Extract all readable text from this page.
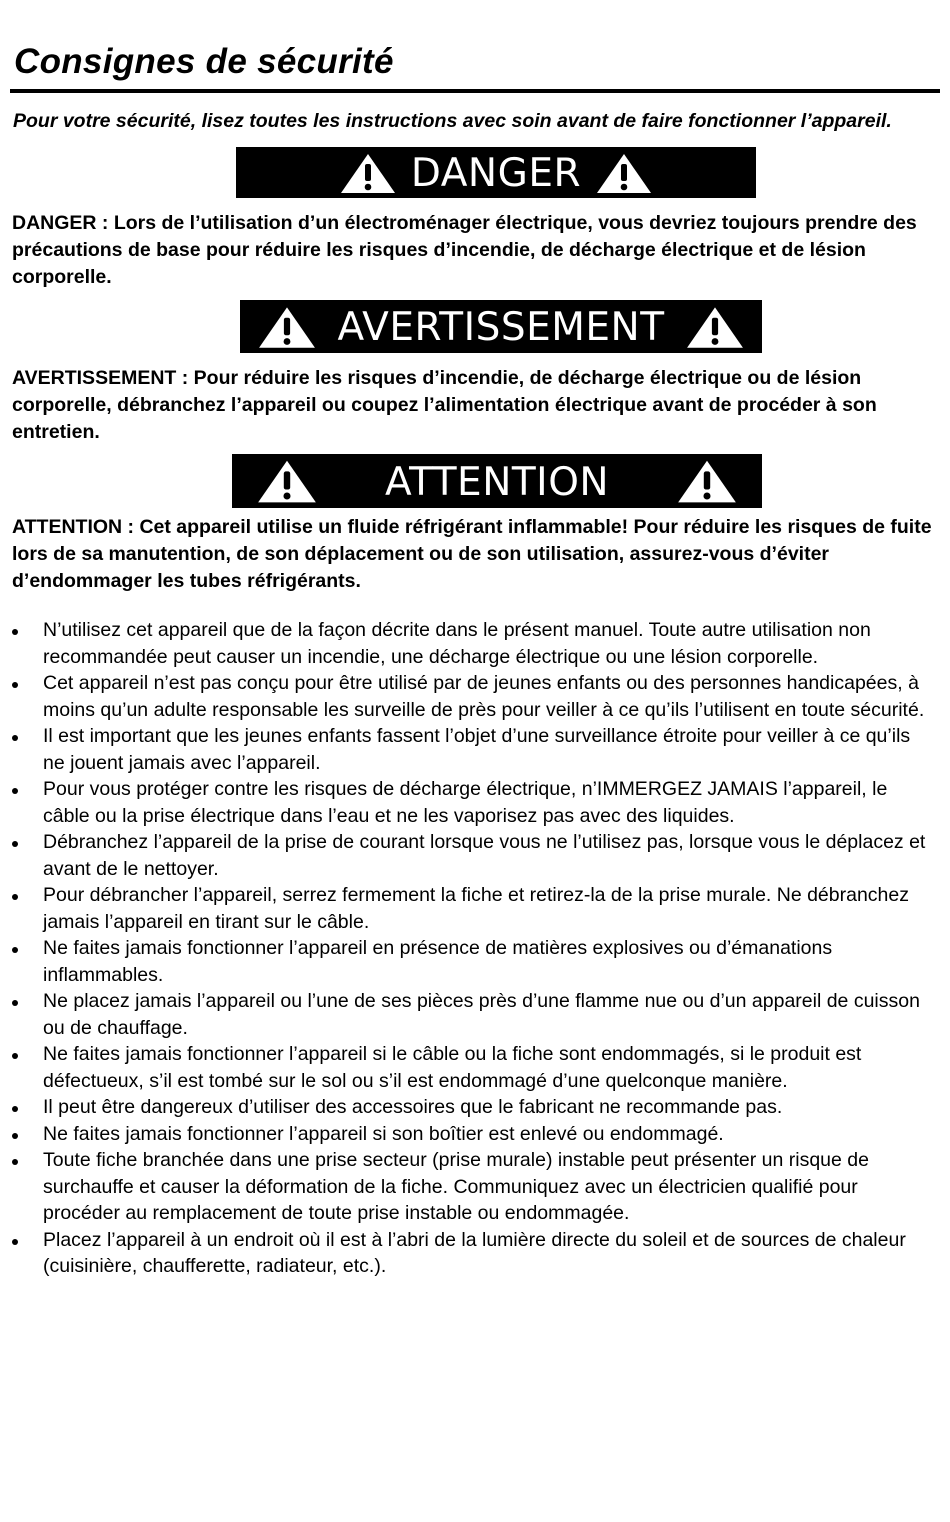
Consignes de sécurité
Pour votre sécurité, lisez toutes les instructions avec soin avant de faire fonctionner l’appareil.
DANGER
DANGER : Lors de l’utilisation d’un électroménager électrique, vous devriez toujours prendre des précautions de base pour réduire les risques d’incendie, de décharge électrique et de lésion corporelle.
AVERTISSEMENT
AVERTISSEMENT : Pour réduire les risques d’incendie, de décharge électrique ou de lésion corporelle, débranchez l’appareil ou coupez l’alimentation électrique avant de procéder à son entretien.
ATTENTION
ATTENTION : Cet appareil utilise un fluide réfrigérant inflammable! Pour réduire les risques de fuite lors de sa manutention, de son déplacement ou de son utilisation, assurez-vous d’éviter d’endommager les tubes réfrigérants.
N’utilisez cet appareil que de la façon décrite dans le présent manuel. Toute autre utilisation non recommandée peut causer un incendie, une décharge électrique ou une lésion corporelle.
Cet appareil n’est pas conçu pour être utilisé par de jeunes enfants ou des personnes handicapées, à moins qu’un adulte responsable les surveille de près pour veiller à ce qu’ils l’utilisent en toute sécurité.
Il est important que les jeunes enfants fassent l’objet d’une surveillance étroite pour veiller à ce qu’ils ne jouent jamais avec l’appareil.
Pour vous protéger contre les risques de décharge électrique, n’IMMERGEZ JAMAIS l’appareil, le câble ou la prise électrique dans l’eau et ne les vaporisez pas avec des liquides.
Débranchez l’appareil de la prise de courant lorsque vous ne l’utilisez pas, lorsque vous le déplacez et avant de le nettoyer.
Pour débrancher l’appareil, serrez fermement la fiche et retirez-la de la prise murale. Ne débranchez jamais l’appareil en tirant sur le câble.
Ne faites jamais fonctionner l’appareil en présence de matières explosives ou d’émanations inflammables.
Ne placez jamais l’appareil ou l’une de ses pièces près d’une flamme nue ou d’un appareil de cuisson ou de chauffage.
Ne faites jamais fonctionner l’appareil si le câble ou la fiche sont endommagés, si le produit est défectueux, s’il est tombé sur le sol ou s’il est endommagé d’une quelconque manière.
Il peut être dangereux d’utiliser des accessoires que le fabricant ne recommande pas.
Ne faites jamais fonctionner l’appareil si son boîtier est enlevé ou endommagé.
Toute fiche branchée dans une prise secteur (prise murale) instable peut présenter un risque de surchauffe et causer la déformation de la fiche. Communiquez avec un électricien qualifié pour procéder au remplacement de toute prise instable ou endommagée.
Placez l’appareil à un endroit où il est à l’abri de la lumière directe du soleil et de sources de chaleur (cuisinière, chaufferette, radiateur, etc.).
